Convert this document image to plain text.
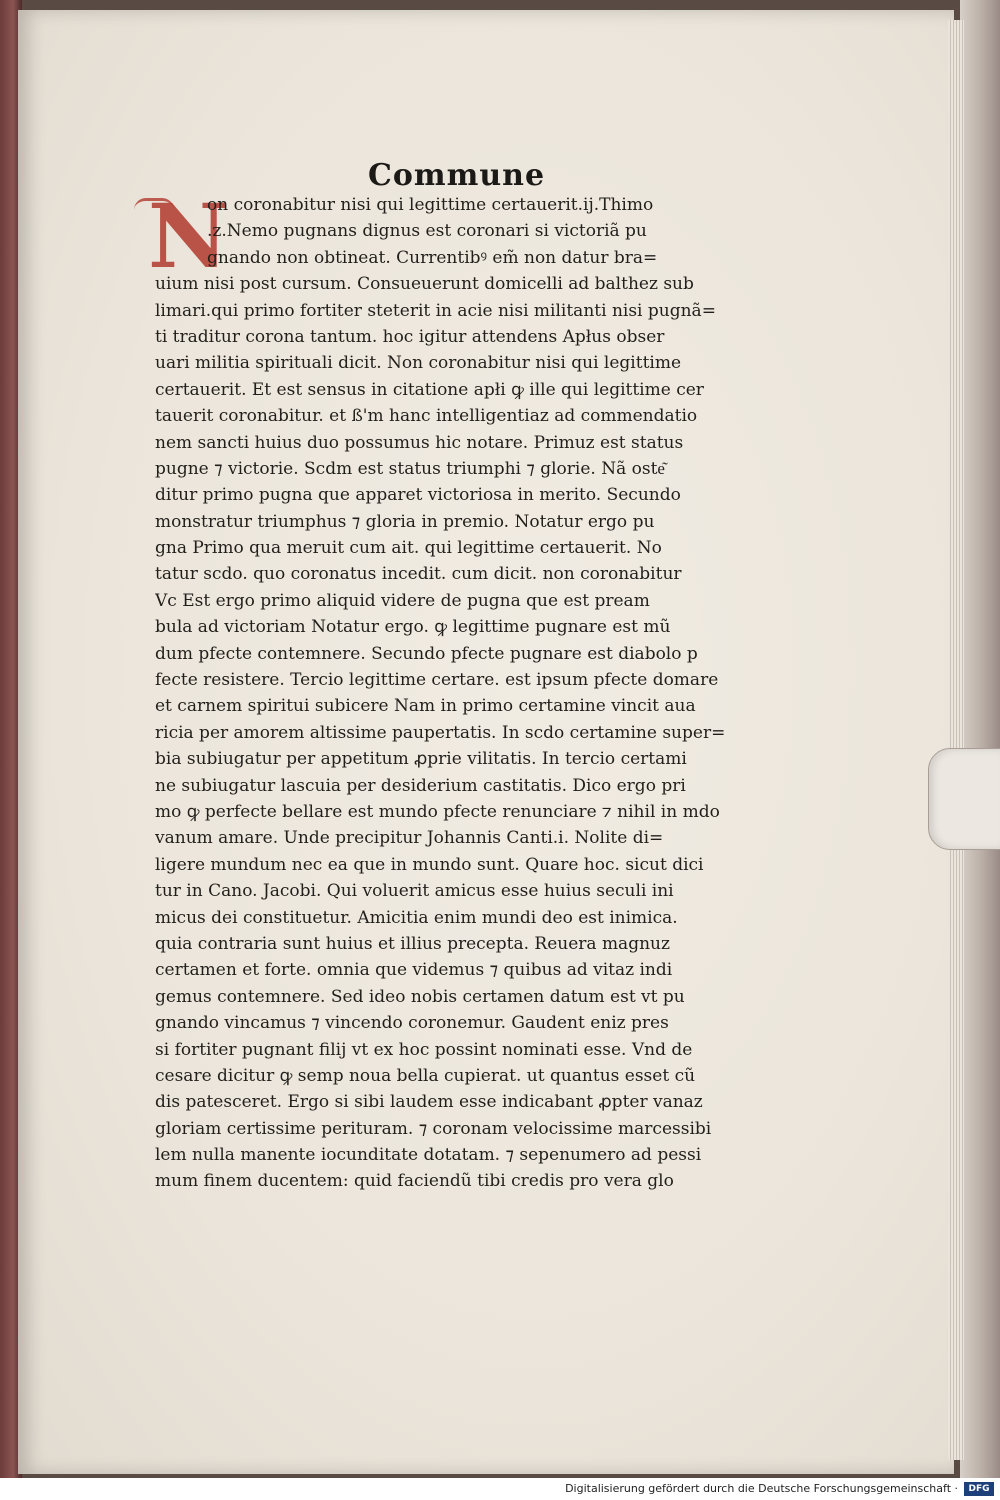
Commune
N
on coronabitur nisi qui legittime certauerit.ij.Thimo
.z.Nemo pugnans dignus est coronari si victoriã pu
gnando non obtineat. Currentibꝰ em̃ non datur bra=
uium nisi post cursum. Consueuerunt domicelli ad balthez sub
limari.qui primo fortiter steterit in acie nisi militanti nisi pugnã=
ti traditur corona tantum. hoc igitur attendens Apłus obser
uari militia spirituali dicit. Non coronabitur nisi qui legittime
certauerit. Et est sensus in citatione apłi ꝙ ille qui legittime cer
tauerit coronabitur. et ß'm hanc intelligentiaz ad commendatio
nem sancti huius duo possumus hic notare. Primuz est status
pugne ⁊ victorie. Scdm est status triumphi ⁊ glorie. Nã oste͂
ditur primo pugna que apparet victoriosa in merito. Secundo
monstratur triumphus ⁊ gloria in premio. Notatur ergo pu
gna Primo qua meruit cum ait. qui legittime certauerit. No
tatur scdo. quo coronatus incedit. cum dicit. non coronabitur
Vc Est ergo primo aliquid videre de pugna que est pream
bula ad victoriam Notatur ergo. ꝙ legittime pugnare est mũ
dum pfecte contemnere. Secundo pfecte pugnare est diabolo p
fecte resistere. Tercio legittime certare. est ipsum pfecte domare
et carnem spiritui subicere Nam in primo certamine vincit aua
ricia per amorem altissime paupertatis. In scdo certamine super=
bia subiugatur per appetitum ꝓprie vilitatis. In tercio certami
ne subiugatur lascuia per desiderium castitatis. Dico ergo pri
mo ꝙ perfecte bellare est mundo pfecte renunciare ⁊ nihil in mdo
vanum amare. Unde precipitur Johannis Canti.i. Nolite di=
ligere mundum nec ea que in mundo sunt. Quare hoc. sicut dici
tur in Cano. Jacobi. Qui voluerit amicus esse huius seculi ini
micus dei constituetur. Amicitia enim mundi deo est inimica.
quia contraria sunt huius et illius precepta. Reuera magnuz
certamen et forte. omnia que videmus ⁊ quibus ad vitaz indi
gemus contemnere. Sed ideo nobis certamen datum est vt pu
gnando vincamus ⁊ vincendo coronemur. Gaudent eniz pres
si fortiter pugnant filij vt ex hoc possint nominati esse. Vnd de
cesare dicitur ꝙ semp noua bella cupierat. ut quantus esset cũ
dis patesceret. Ergo si sibi laudem esse indicabant ꝓpter vanaz
gloriam certissime perituram. ⁊ coronam velocissime marcessibi
lem nulla manente iocunditate dotatam. ⁊ sepenumero ad pessi
mum finem ducentem: quid faciendũ tibi credis pro vera glo
Digitalisierung gefördert durch die Deutsche Forschungsgemeinschaft ·	DFG
